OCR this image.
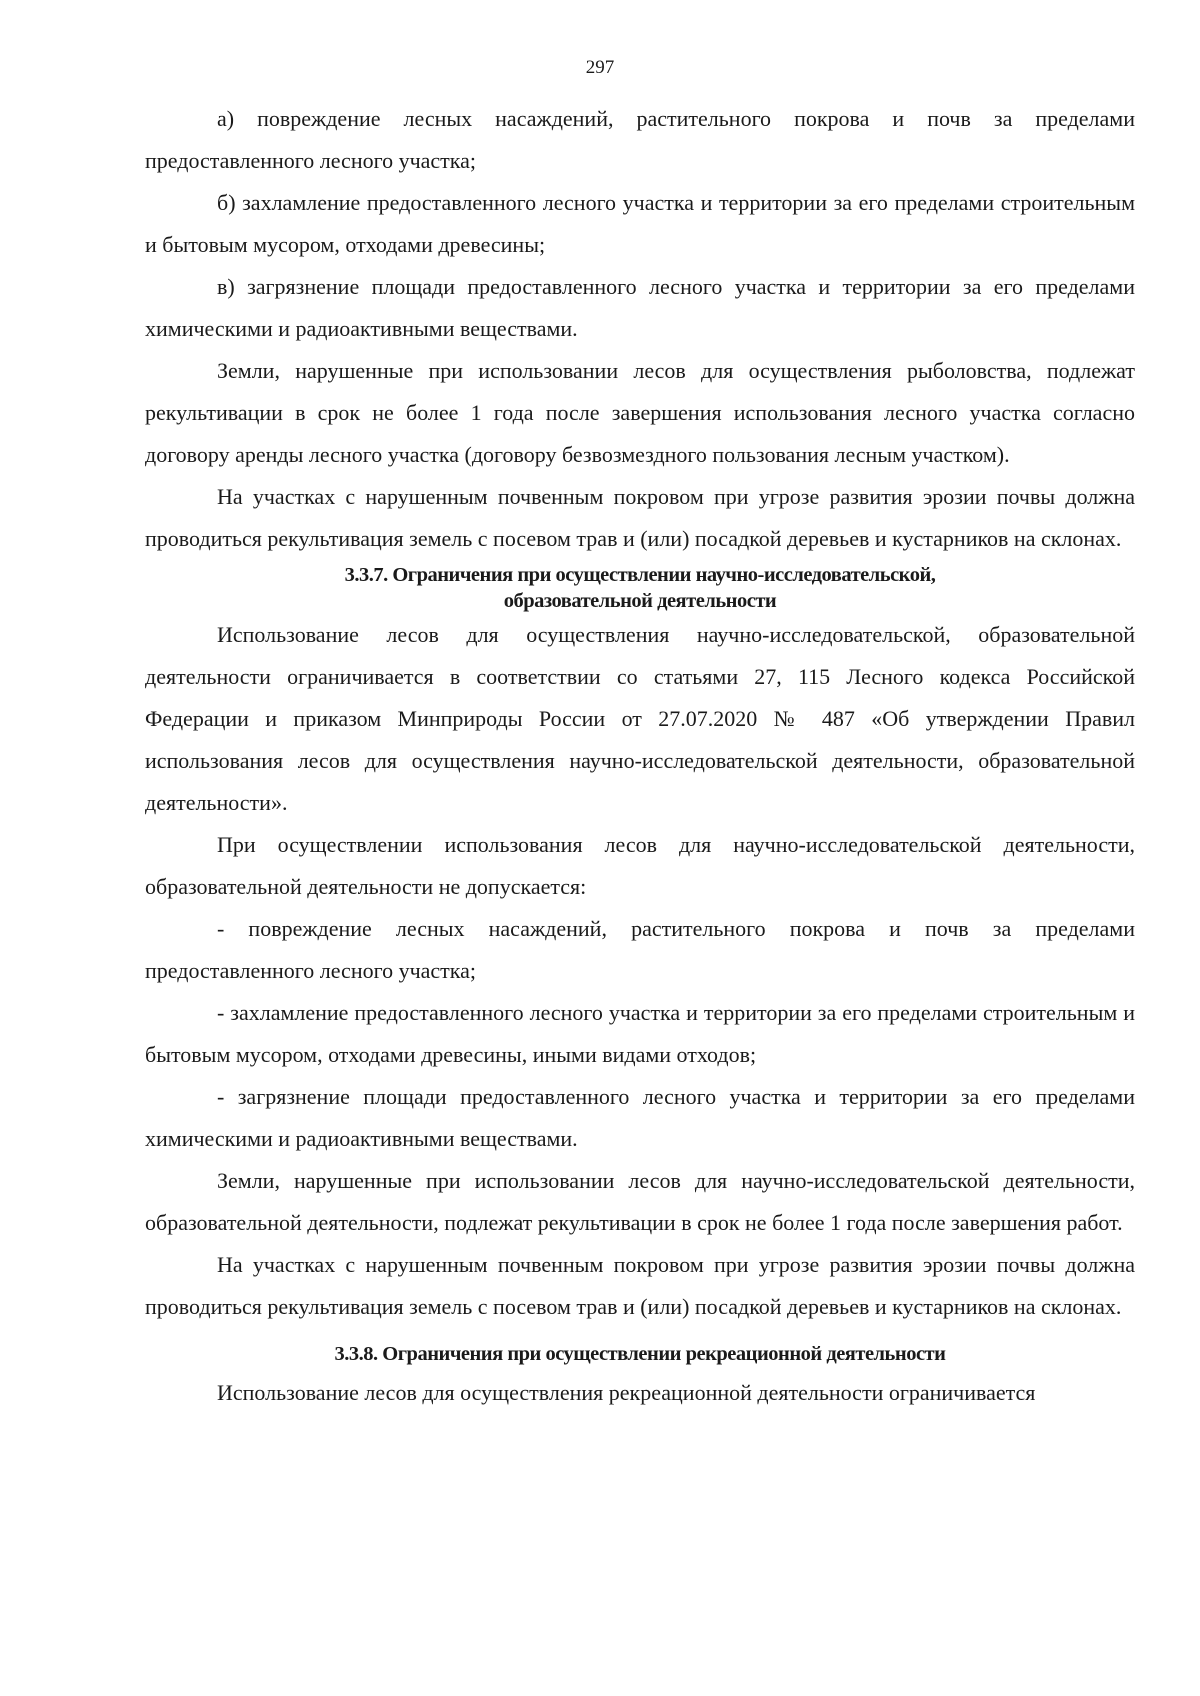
297

а) повреждение лесных насаждений, растительного покрова и почв за пределами предоставленного лесного участка;

б) захламление предоставленного лесного участка и территории за его пределами строительным и бытовым мусором, отходами древесины;

в) загрязнение площади предоставленного лесного участка и территории за его пределами химическими и радиоактивными веществами.

Земли, нарушенные при использовании лесов для осуществления рыболовства, подлежат рекультивации в срок не более 1 года после завершения использования лесного участка согласно договору аренды лесного участка (договору безвозмездного пользования лесным участком).

На участках с нарушенным почвенным покровом при угрозе развития эрозии почвы должна проводиться рекультивация земель с посевом трав и (или) посадкой деревьев и кустарников на склонах.

3.3.7. Ограничения при осуществлении научно-исследовательской,
образовательной деятельности

Использование лесов для осуществления научно-исследовательской, образовательной деятельности ограничивается в соответствии со статьями 27, 115 Лесного кодекса Российской Федерации и приказом Минприроды России от 27.07.2020 № 487 «Об утверждении Правил использования лесов для осуществления научно-исследовательской деятельности, образовательной деятельности».

При осуществлении использования лесов для научно-исследовательской деятельности, образовательной деятельности не допускается:

- повреждение лесных насаждений, растительного покрова и почв за пределами предоставленного лесного участка;

- захламление предоставленного лесного участка и территории за его пределами строительным и бытовым мусором, отходами древесины, иными видами отходов;

- загрязнение площади предоставленного лесного участка и территории за его пределами химическими и радиоактивными веществами.

Земли, нарушенные при использовании лесов для научно-исследовательской деятельности, образовательной деятельности, подлежат рекультивации в срок не более 1 года после завершения работ.

На участках с нарушенным почвенным покровом при угрозе развития эрозии почвы должна проводиться рекультивация земель с посевом трав и (или) посадкой деревьев и кустарников на склонах.

3.3.8. Ограничения при осуществлении рекреационной деятельности

Использование лесов для осуществления рекреационной деятельности ограничивается
